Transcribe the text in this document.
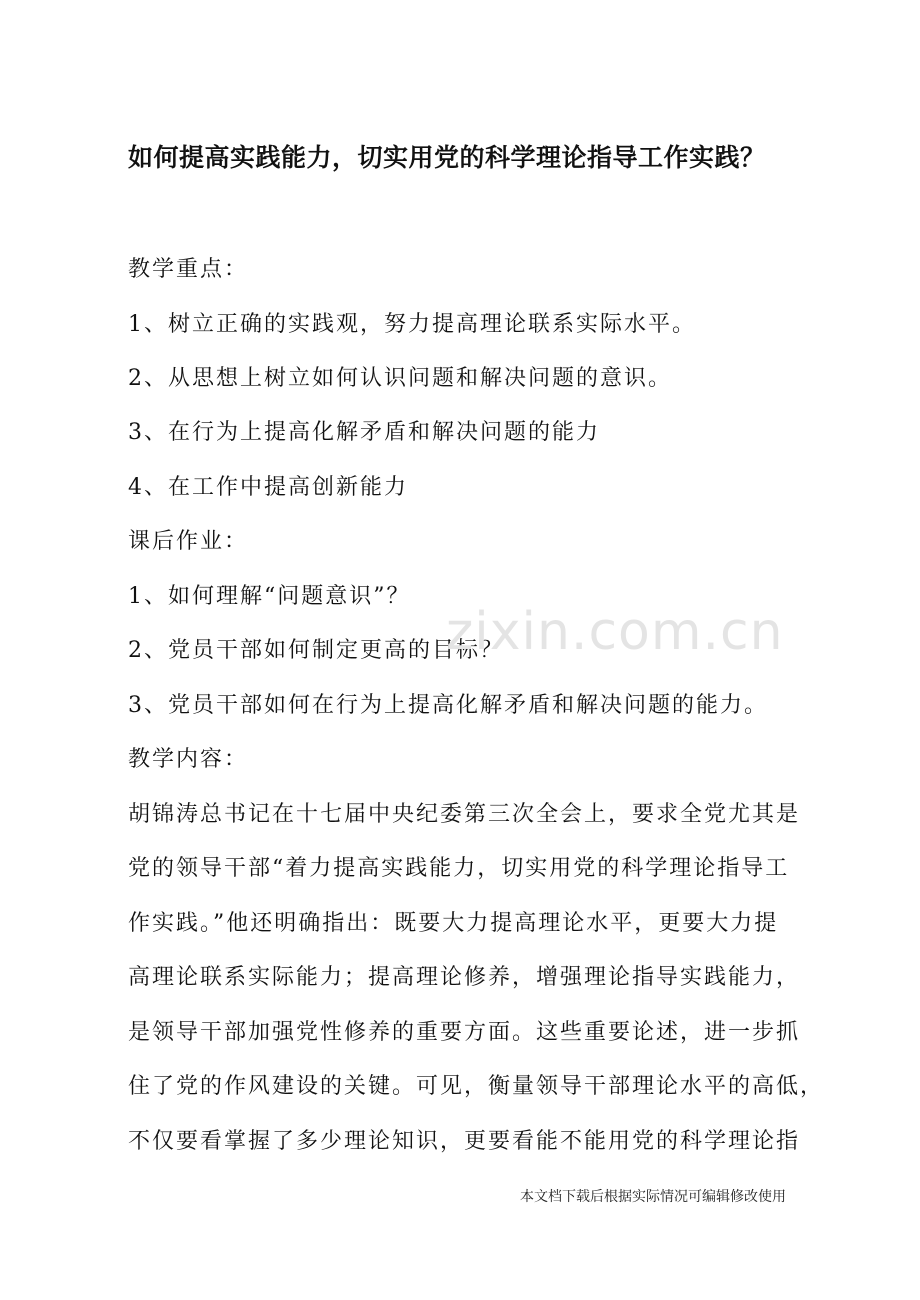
如何提高实践能力，切实用党的科学理论指导工作实践？
教学重点：
1、树立正确的实践观，努力提高理论联系实际水平。
2、从思想上树立如何认识问题和解决问题的意识。
3、在行为上提高化解矛盾和解决问题的能力
4、在工作中提高创新能力
课后作业：
1、如何理解“问题意识”？
2、党员干部如何制定更高的目标？
3、党员干部如何在行为上提高化解矛盾和解决问题的能力。
教学内容：
胡锦涛总书记在十七届中央纪委第三次全会上，要求全党尤其是
党的领导干部“着力提高实践能力，切实用党的科学理论指导工
作实践。”他还明确指出：既要大力提高理论水平，更要大力提
高理论联系实际能力；提高理论修养，增强理论指导实践能力，
是领导干部加强党性修养的重要方面。这些重要论述，进一步抓
住了党的作风建设的关键。可见，衡量领导干部理论水平的高低，
不仅要看掌握了多少理论知识，更要看能不能用党的科学理论指
zixin.com.cn
本文档下载后根据实际情况可编辑修改使用
